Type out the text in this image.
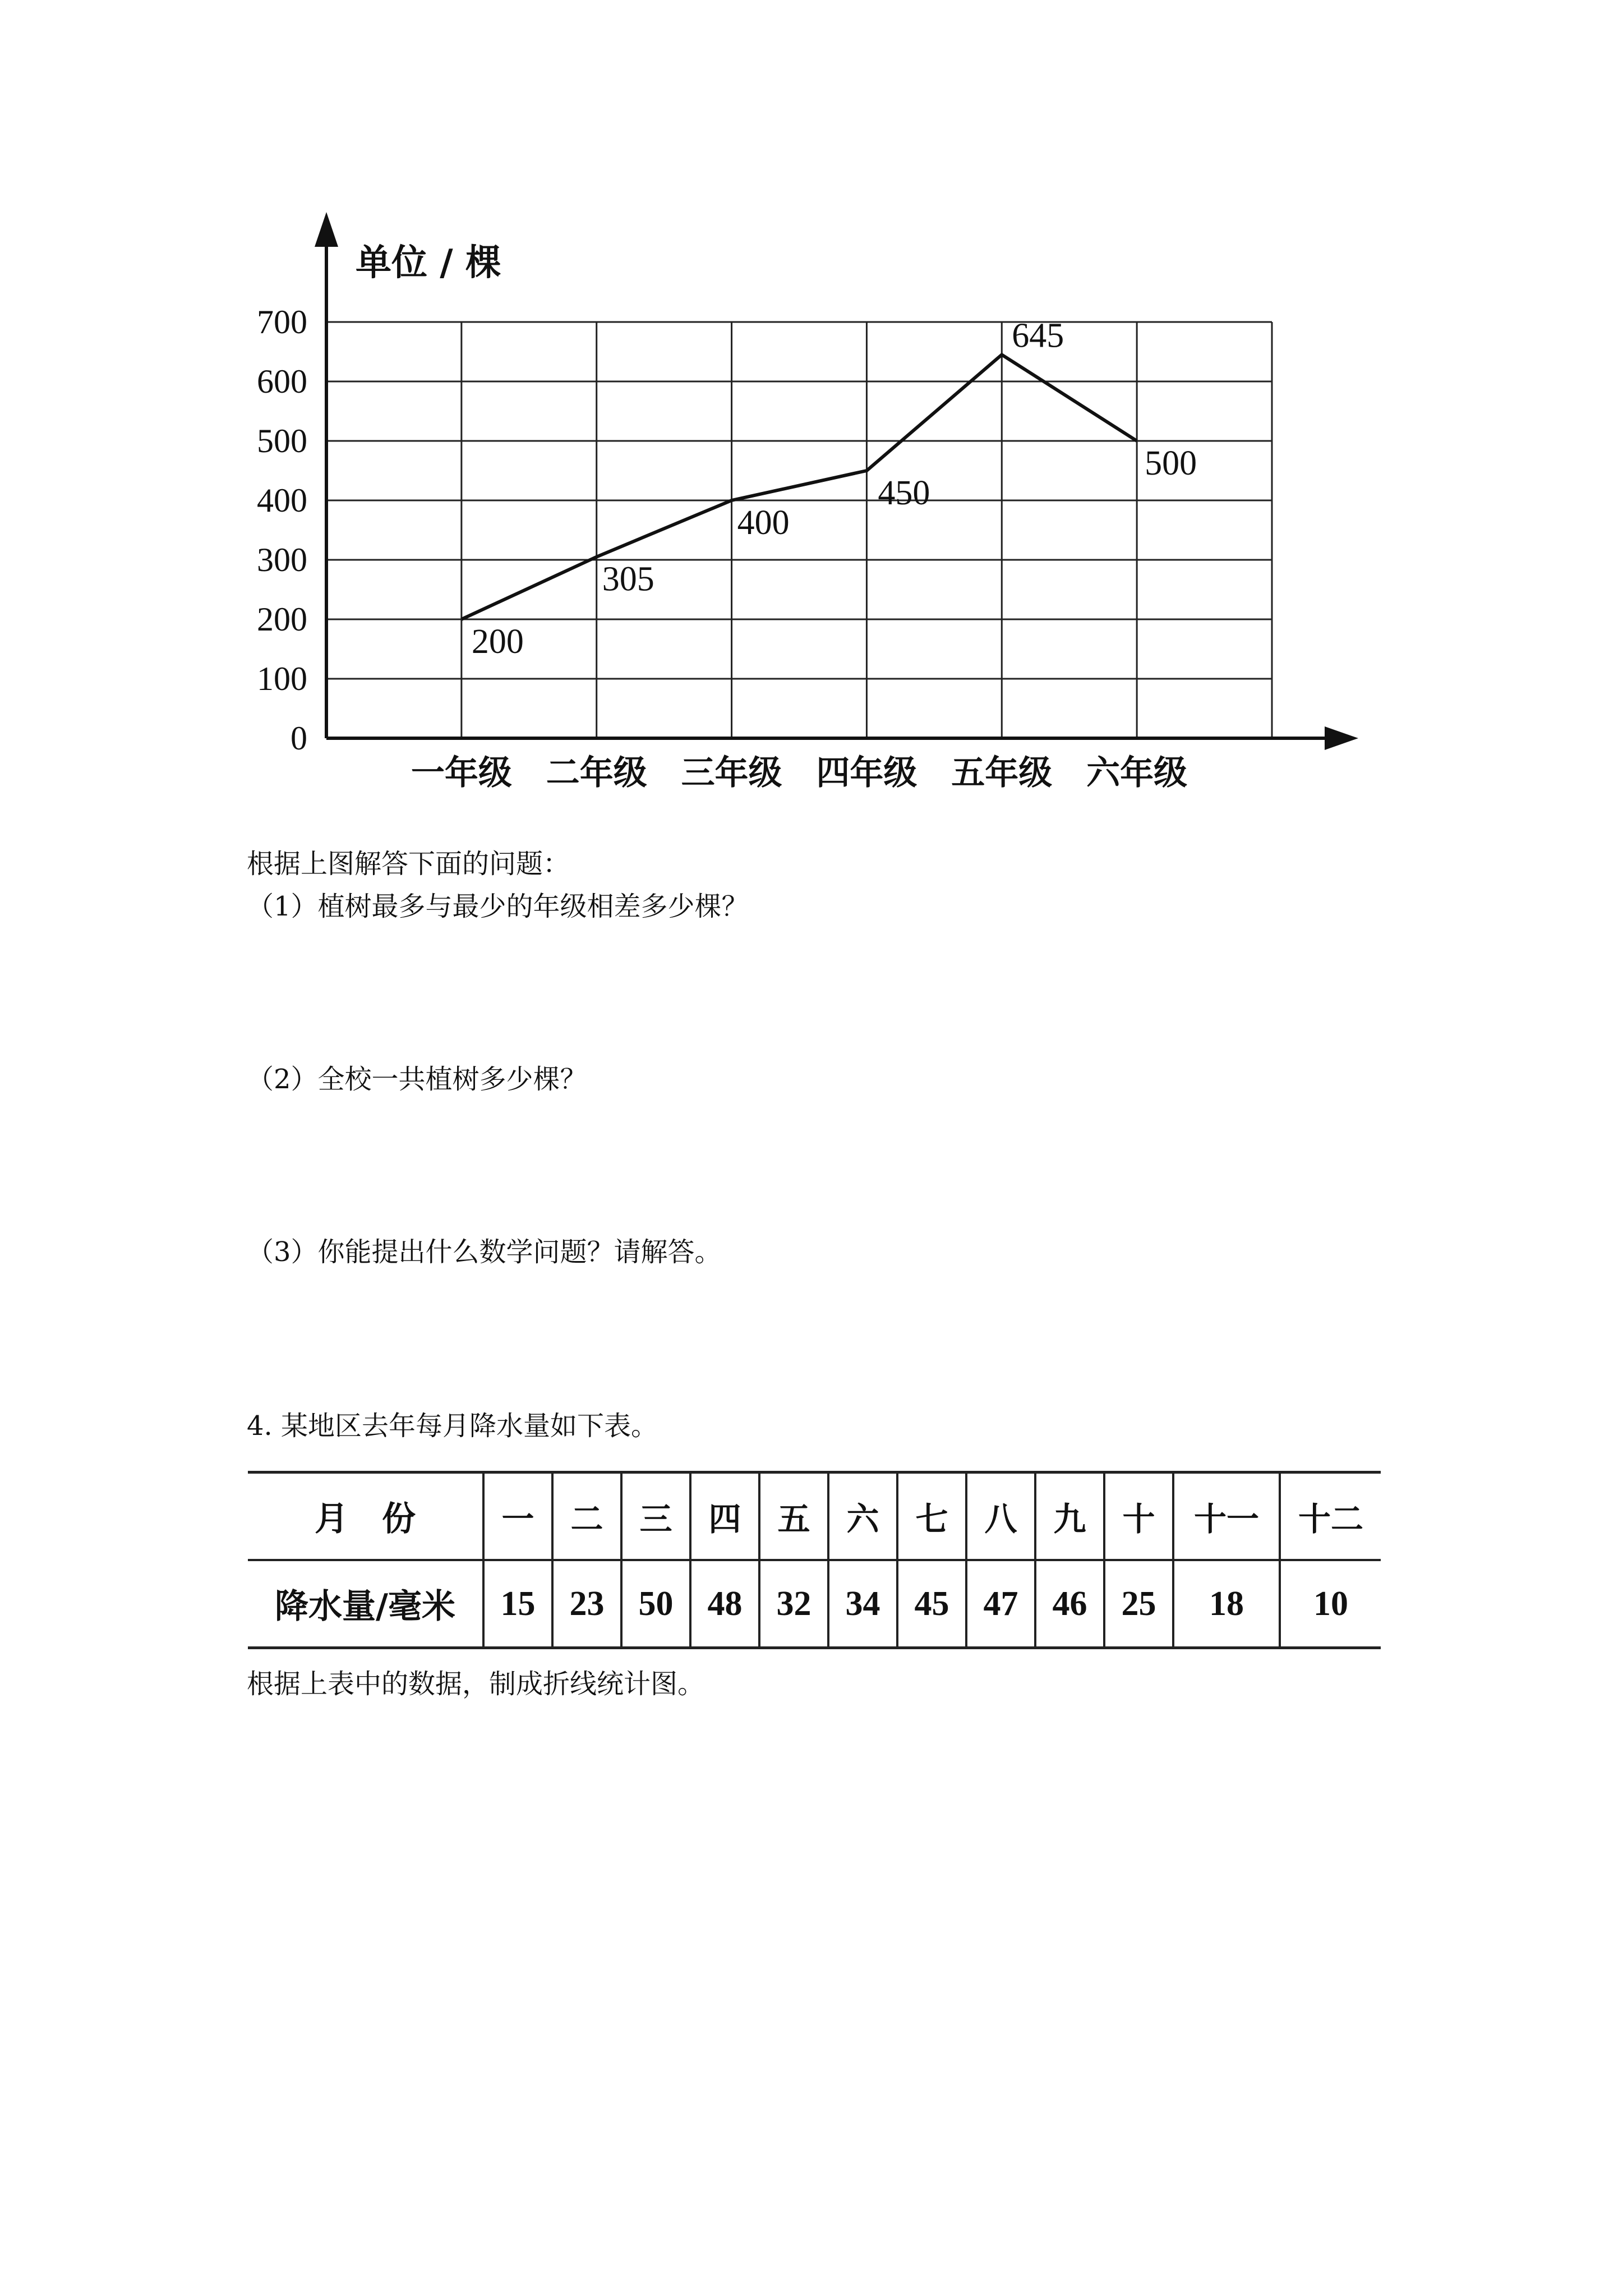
单位 / 棵
0
100
200
300
400
500
600
700
一年级 二年级 三年级 四年级 五年级 六年级
200
305
400
450
645
500
根据上图解答下面的问题：
（1）植树最多与最少的年级相差多少棵？
（2）全校一共植树多少棵？
（3）你能提出什么数学问题？请解答。
4. 某地区去年每月降水量如下表。
月　份	一	二	三	四	五	六	七	八	九	十	十一	十二
降水量/毫米	15	23	50	48	32	34	45	47	46	25	18	10
根据上表中的数据，制成折线统计图。
